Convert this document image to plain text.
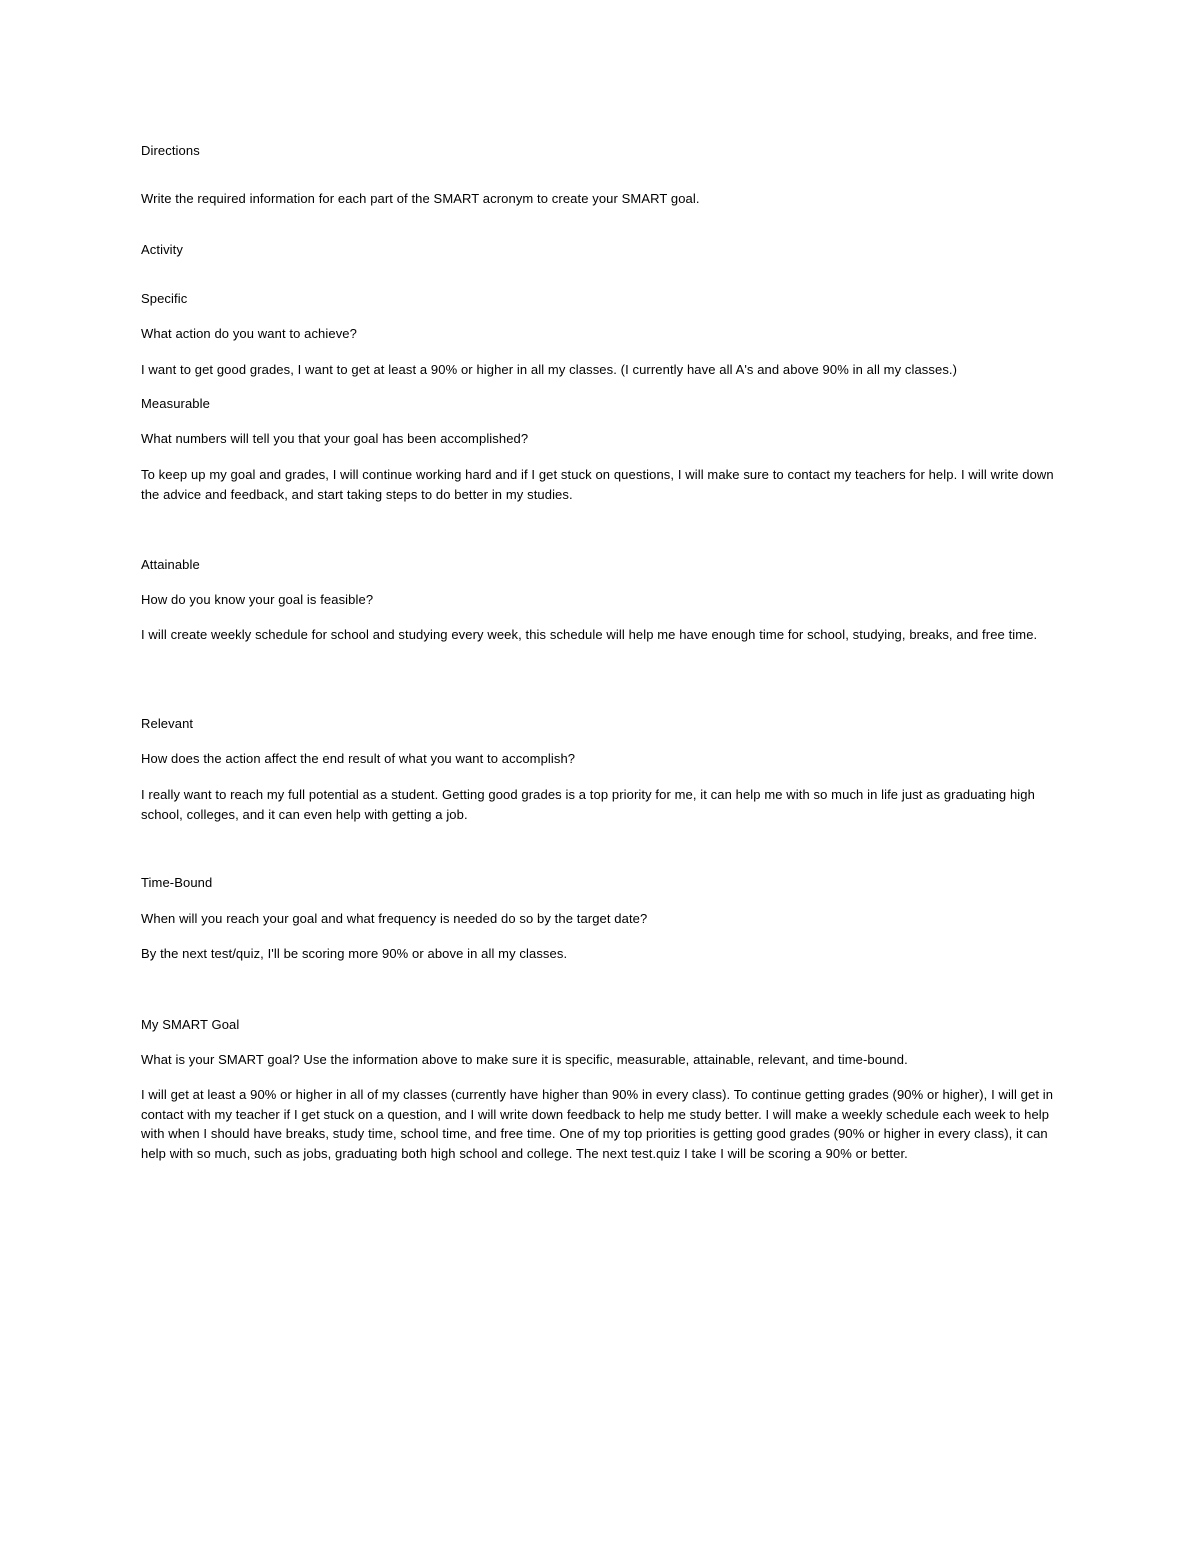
Directions
Write the required information for each part of the SMART acronym to create your SMART goal.
Activity
Specific
What action do you want to achieve?
I want to get good grades, I want to get at least a 90% or higher in all my classes. (I currently have all A's and above 90% in all my classes.)
Measurable
What numbers will tell you that your goal has been accomplished?
To keep up my goal and grades, I will continue working hard and if I get stuck on questions, I will make sure to contact my teachers for help. I will write down the advice and feedback, and start taking steps to do better in my studies.
Attainable
How do you know your goal is feasible?
I will create weekly schedule for school and studying every week, this schedule will help me have enough time for school, studying, breaks, and free time.
Relevant
How does the action affect the end result of what you want to accomplish?
I really want to reach my full potential as a student. Getting good grades is a top priority for me, it can help me with so much in life just as graduating high school, colleges, and it can even help with getting a job.
Time-Bound
When will you reach your goal and what frequency is needed do so by the target date?
By the next test/quiz, I'll be scoring more 90% or above in all my classes.
My SMART Goal
What is your SMART goal? Use the information above to make sure it is specific, measurable, attainable, relevant, and time-bound.
I will get at least a 90% or higher in all of my classes (currently have higher than 90% in every class). To continue getting grades (90% or higher), I will get in contact with my teacher if I get stuck on a question, and I will write down feedback to help me study better. I will make a weekly schedule each week to help with when I should have breaks, study time, school time, and free time. One of my top priorities is getting good grades (90% or higher in every class), it can help with so much, such as jobs, graduating both high school and college. The next test.quiz I take I will be scoring a 90% or better.
